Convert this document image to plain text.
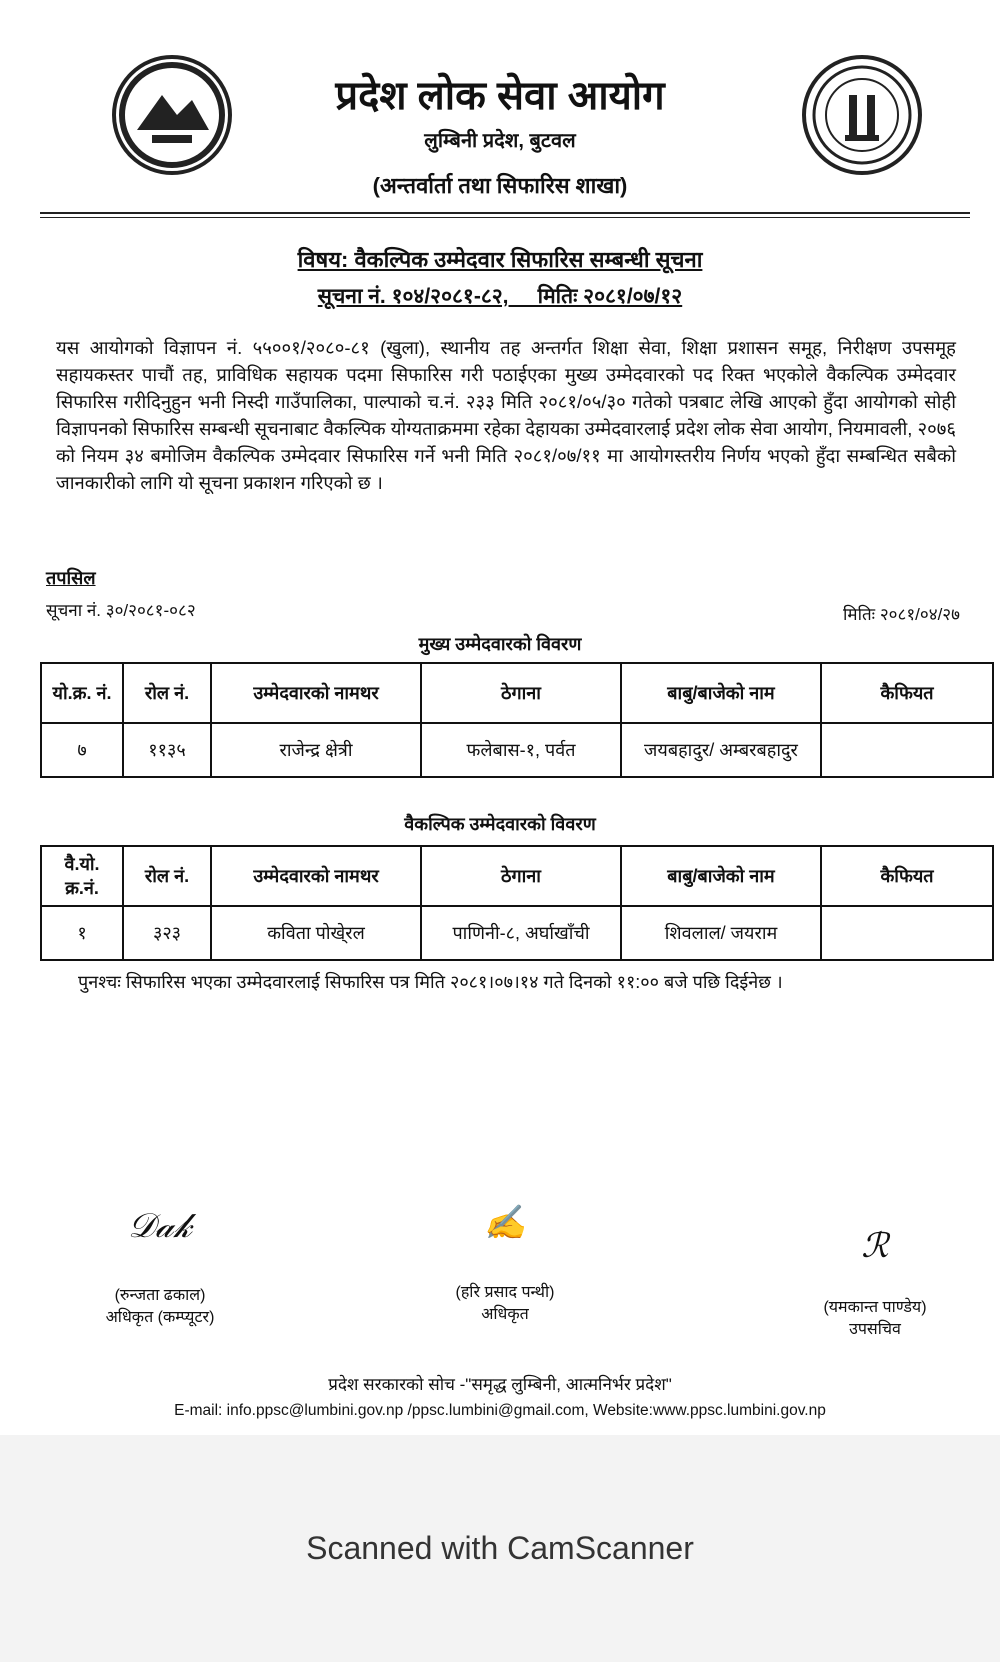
प्रदेश लोक सेवा आयोग
लुम्बिनी प्रदेश, बुटवल
(अन्तर्वार्ता तथा सिफारिस शाखा)
विषय: वैकल्पिक उम्मेदवार सिफारिस सम्बन्धी सूचना
सूचना नं. १०४/२०८१-८२,     मितिः २०८१/०७/१२
यस आयोगको विज्ञापन नं. ५५००१/२०८०-८१ (खुला), स्थानीय तह अन्तर्गत शिक्षा सेवा, शिक्षा प्रशासन समूह, निरीक्षण उपसमूह सहायकस्तर पाचौं तह, प्राविधिक सहायक पदमा सिफारिस गरी पठाईएका मुख्य उम्मेदवारको पद रिक्त भएकोले वैकल्पिक उम्मेदवार सिफारिस गरीदिनुहुन भनी निस्दी गाउँपालिका, पाल्पाको च.नं. २३३ मिति २०८१/०५/३० गतेको पत्रबाट लेखि आएको हुँदा आयोगको सोही विज्ञापनको सिफारिस सम्बन्धी सूचनाबाट वैकल्पिक योग्यताक्रममा रहेका देहायका उम्मेदवारलाई प्रदेश लोक सेवा आयोग, नियमावली, २०७६ को नियम ३४ बमोजिम वैकल्पिक उम्मेदवार सिफारिस गर्ने भनी मिति २०८१/०७/११ मा आयोगस्तरीय निर्णय भएको हुँदा सम्बन्धित सबैको जानकारीको लागि यो सूचना प्रकाशन गरिएको छ ।
तपसिल
सूचना नं. ३०/२०८१-०८२	मितिः २०८१/०४/२७
मुख्य उम्मेदवारको विवरण
यो.क्र. नं.	रोल नं.	उम्मेदवारको नामथर	ठेगाना	बाबु/बाजेको नाम	कैफियत
७	११३५	राजेन्द्र क्षेत्री	फलेबास-१, पर्वत	जयबहादुर/ अम्बरबहादुर	
वैकल्पिक उम्मेदवारको विवरण
वै.यो. क्र.नं.	रोल नं.	उम्मेदवारको नामथर	ठेगाना	बाबु/बाजेको नाम	कैफियत
१	३२३	कविता पोखे्रल	पाणिनी-८, अर्घाखाँची	शिवलाल/ जयराम	
पुनश्चः सिफारिस भएका उम्मेदवारलाई सिफारिस पत्र मिति २०८१।०७।१४ गते दिनको ११:०० बजे पछि दिईनेछ ।
𝒟𝒶𝓀
(रुन्जता ढकाल)
अधिकृत (कम्प्यूटर)
✍
(हरि प्रसाद पन्थी)
अधिकृत
ℛ
(यमकान्त पाण्डेय)
उपसचिव
प्रदेश सरकारको सोच -"समृद्ध लुम्बिनी, आत्मनिर्भर प्रदेश"
E-mail: info.ppsc@lumbini.gov.np /ppsc.lumbini@gmail.com, Website:www.ppsc.lumbini.gov.np
Scanned with CamScanner
